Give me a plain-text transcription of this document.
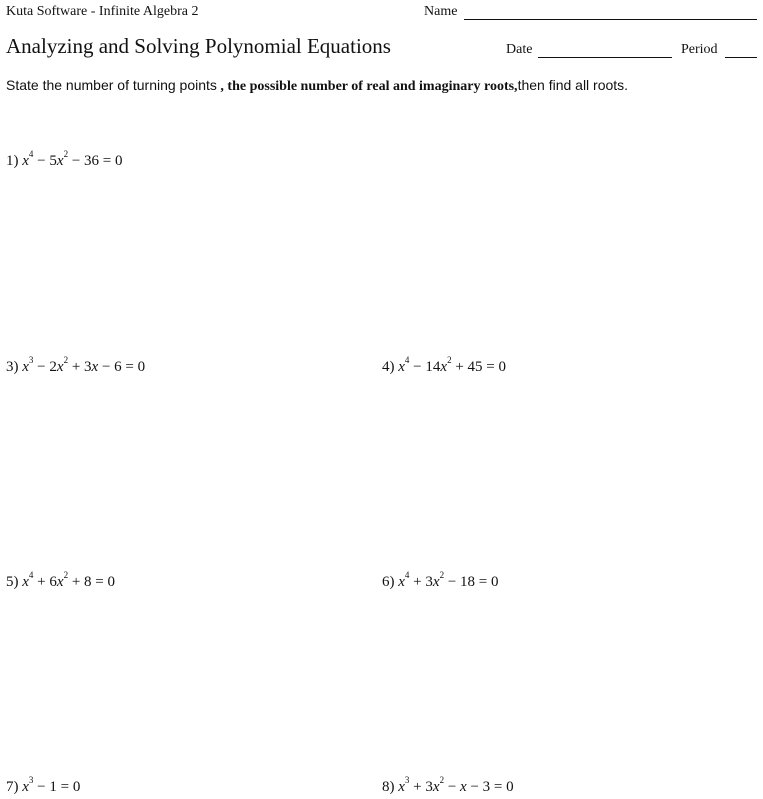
Kuta Software - Infinite Algebra 2	Name
Analyzing and Solving Polynomial Equations	Date	Period
State the number of turning points , the possible number of real and imaginary roots,then find all roots.
1) $x^4 - 5x^2 - 36 = 0$
3) $x^3 - 2x^2 + 3x - 6 = 0$	4) $x^4 - 14x^2 + 45 = 0$
5) $x^4 + 6x^2 + 8 = 0$	6) $x^4 + 3x^2 - 18 = 0$
7) $x^3 - 1 = 0$	8) $x^3 + 3x^2 - x - 3 = 0$
